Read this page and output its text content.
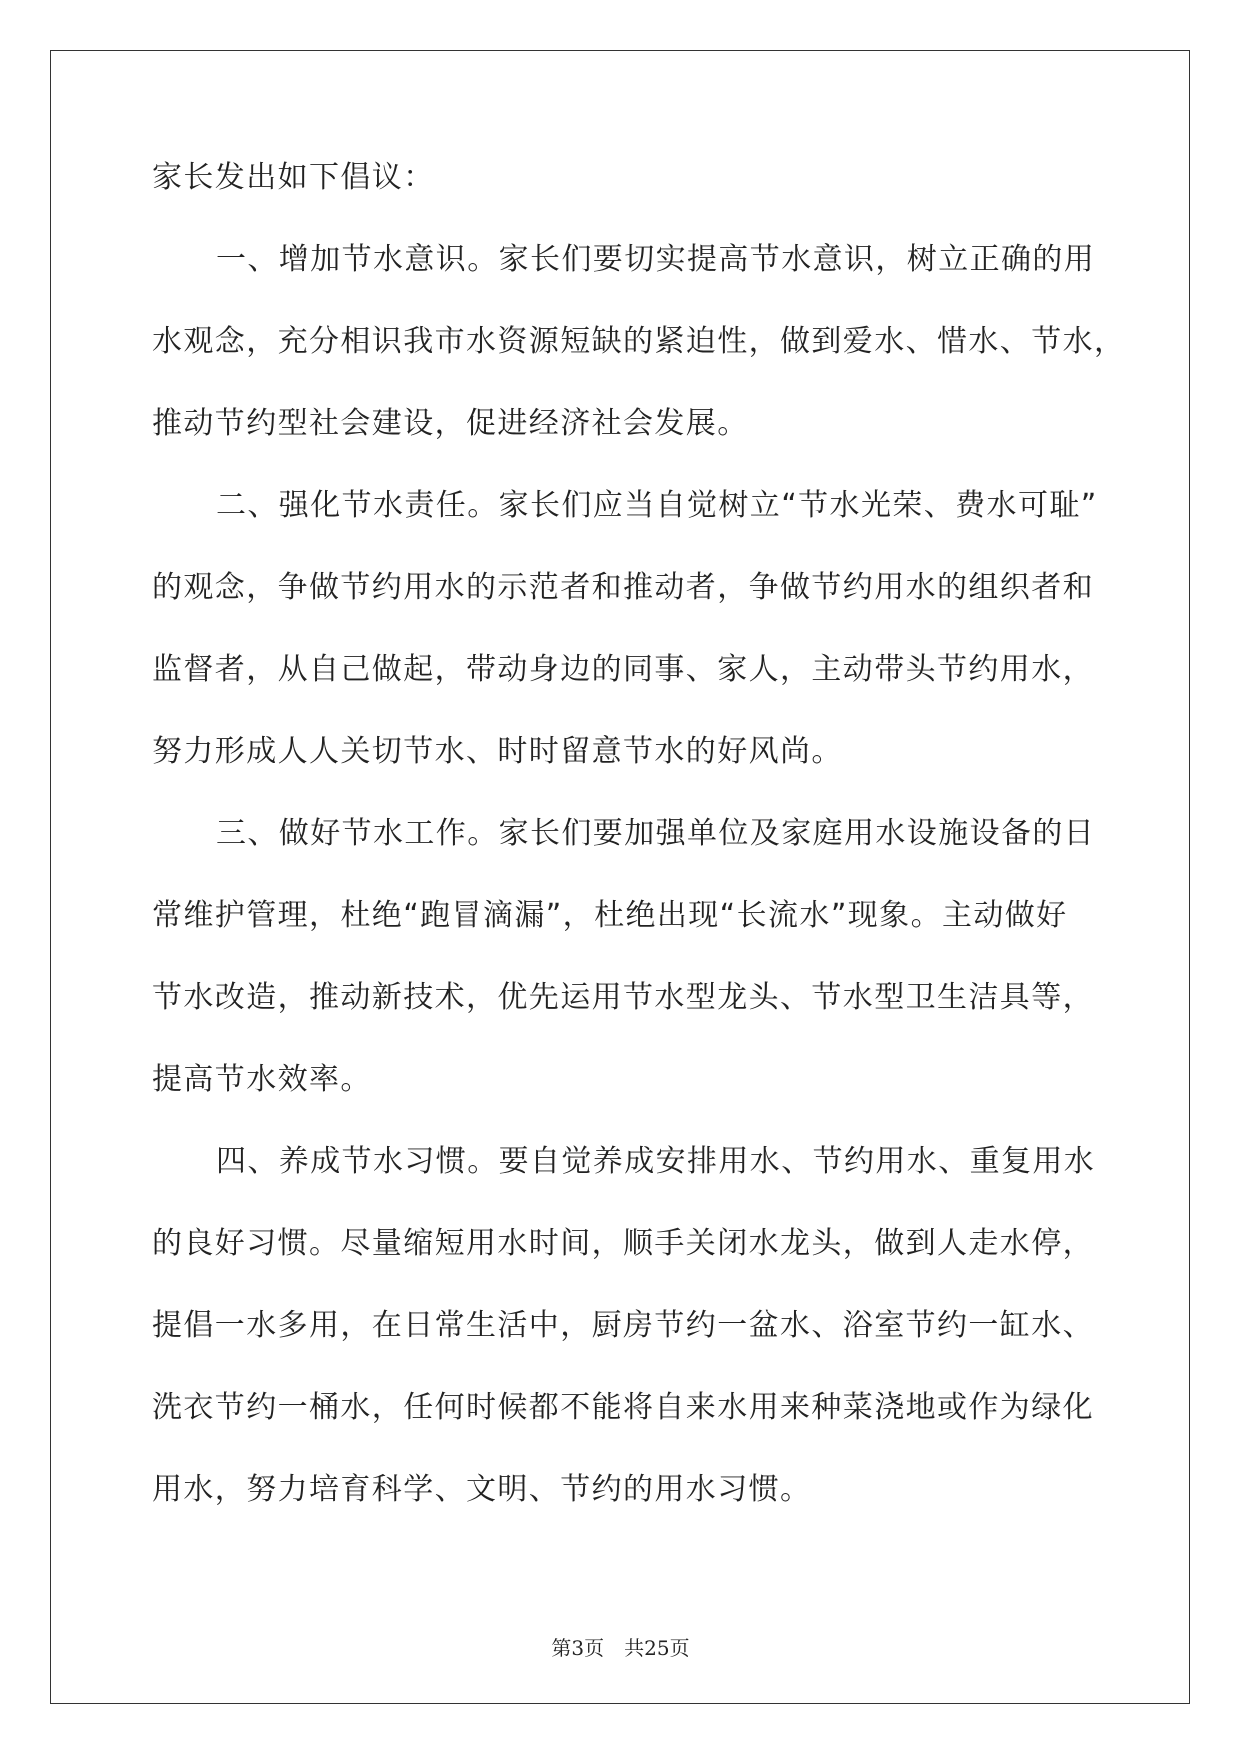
家长发出如下倡议：
一、增加节水意识。家长们要切实提高节水意识，树立正确的用
水观念，充分相识我市水资源短缺的紧迫性，做到爱水、惜水、节水，
推动节约型社会建设，促进经济社会发展。
二、强化节水责任。家长们应当自觉树立“节水光荣、费水可耻”
的观念，争做节约用水的示范者和推动者，争做节约用水的组织者和
监督者，从自己做起，带动身边的同事、家人，主动带头节约用水，
努力形成人人关切节水、时时留意节水的好风尚。
三、做好节水工作。家长们要加强单位及家庭用水设施设备的日
常维护管理，杜绝“跑冒滴漏”，杜绝出现“长流水”现象。主动做好
节水改造，推动新技术，优先运用节水型龙头、节水型卫生洁具等，
提高节水效率。
四、养成节水习惯。要自觉养成安排用水、节约用水、重复用水
的良好习惯。尽量缩短用水时间，顺手关闭水龙头，做到人走水停，
提倡一水多用，在日常生活中，厨房节约一盆水、浴室节约一缸水、
洗衣节约一桶水，任何时候都不能将自来水用来种菜浇地或作为绿化
用水，努力培育科学、文明、节约的用水习惯。
第3页 共25页
